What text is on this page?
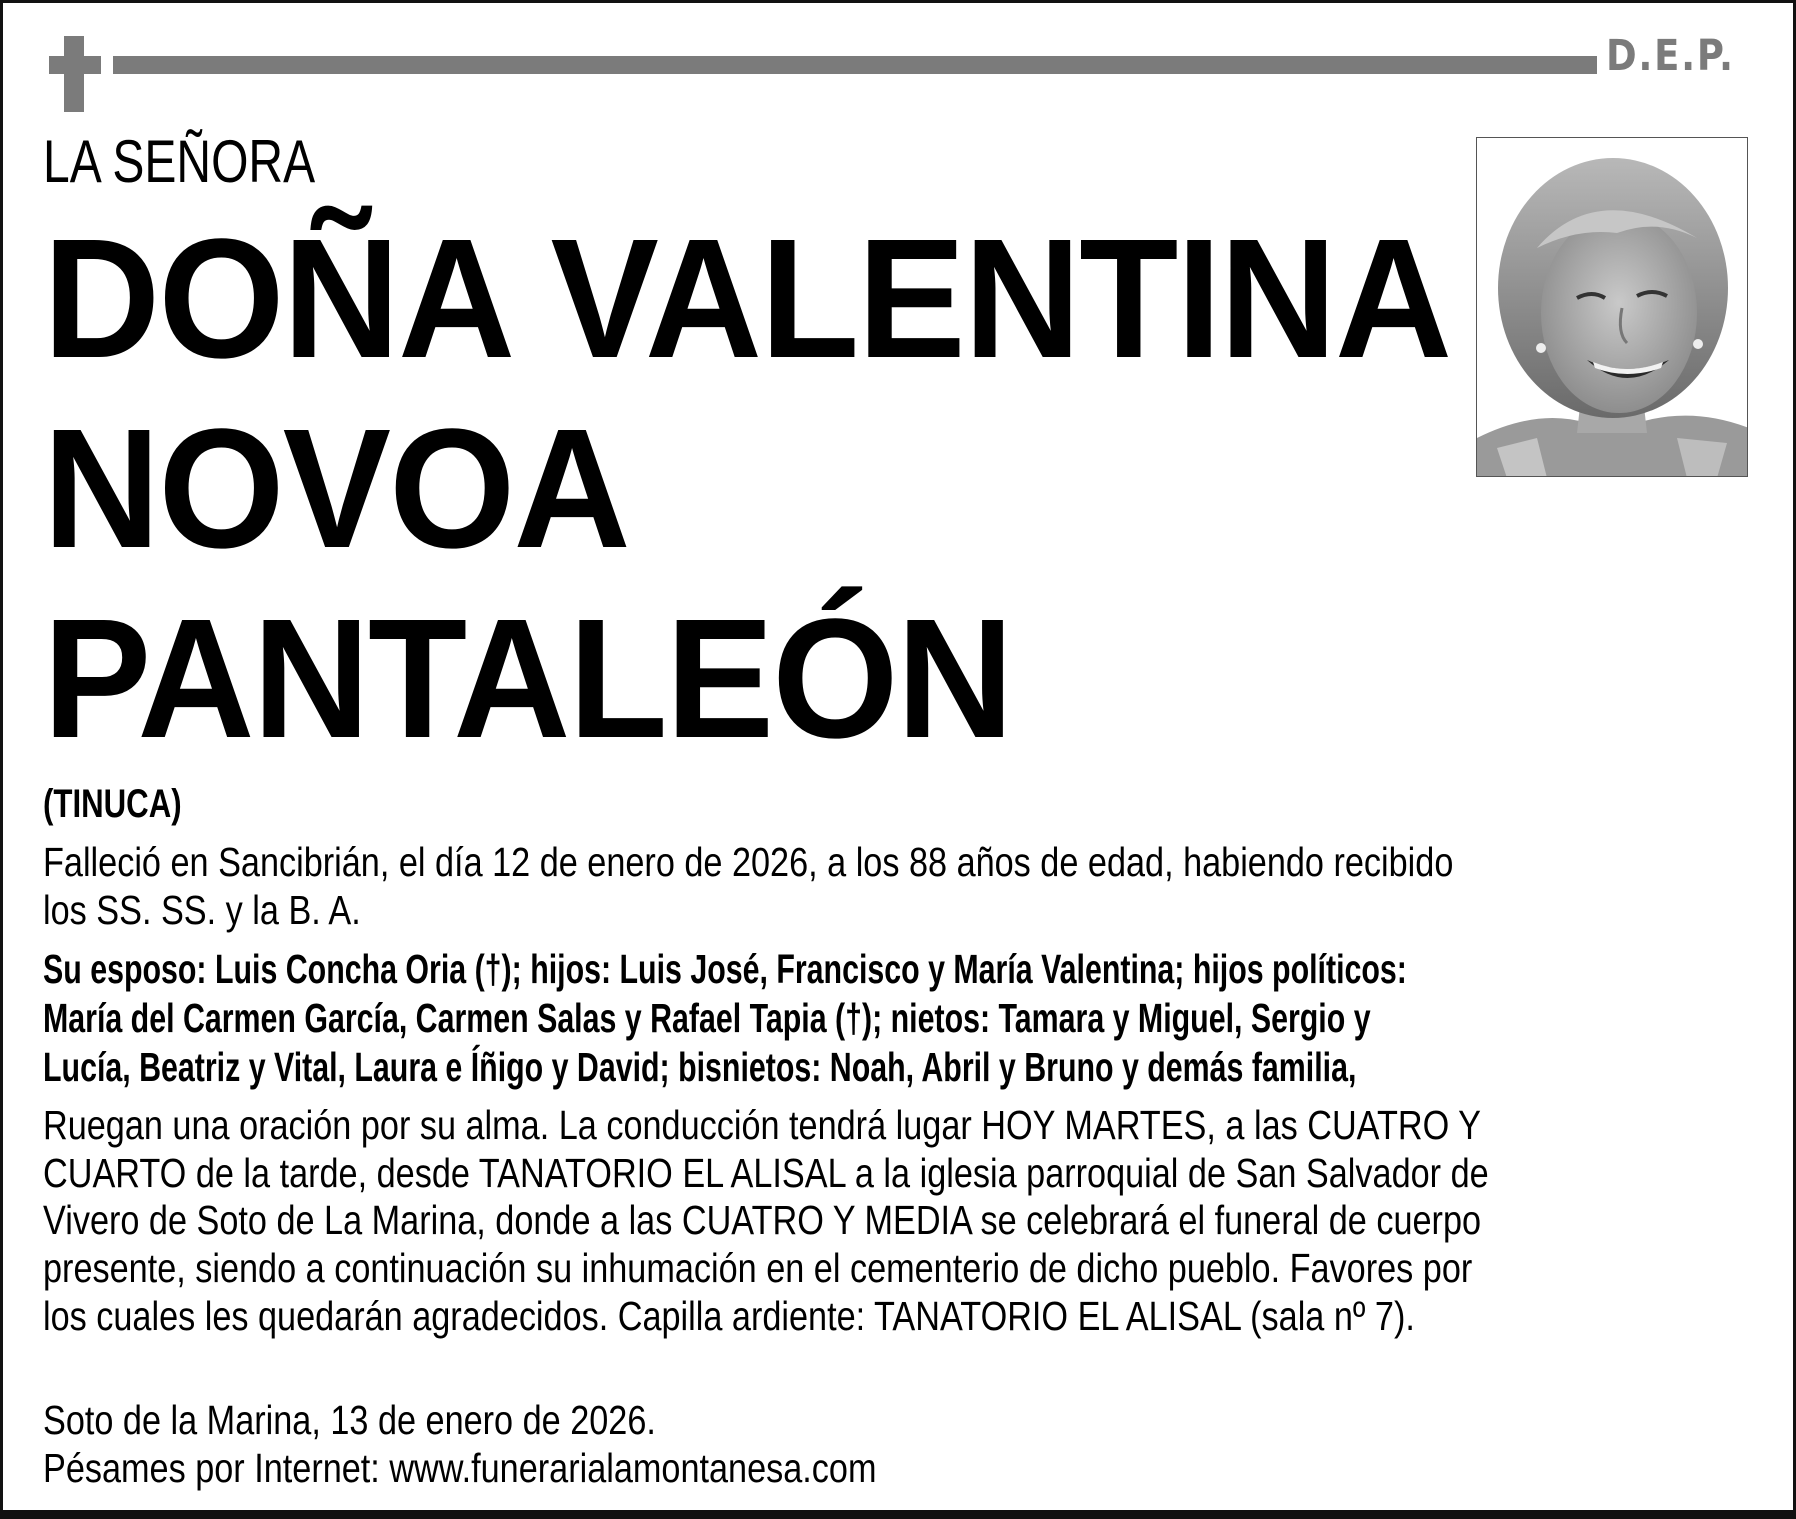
D.E.P.
LA SEÑORA
DOÑA VALENTINA
NOVOA
PANTALEÓN
(TINUCA)
Falleció en Sancibrián, el día 12 de enero de 2026, a los 88 años de edad, habiendo recibido
los SS. SS. y la B. A.
Su esposo: Luis Concha Oria (†); hijos: Luis José, Francisco y María Valentina; hijos políticos:
María del Carmen García, Carmen Salas y Rafael Tapia (†); nietos: Tamara y Miguel, Sergio y
Lucía, Beatriz y Vital, Laura e Íñigo y David; bisnietos: Noah, Abril y Bruno y demás familia,
Ruegan una oración por su alma. La conducción tendrá lugar HOY MARTES, a las CUATRO Y
CUARTO de la tarde, desde TANATORIO EL ALISAL a la iglesia parroquial de San Salvador de
Vivero de Soto de La Marina, donde a las CUATRO Y MEDIA se celebrará el funeral de cuerpo
presente, siendo a continuación su inhumación en el cementerio de dicho pueblo. Favores por
los cuales les quedarán agradecidos. Capilla ardiente: TANATORIO EL ALISAL (sala nº 7).
Soto de la Marina, 13 de enero de 2026.
Pésames por Internet: www.funerarialamontanesa.com
